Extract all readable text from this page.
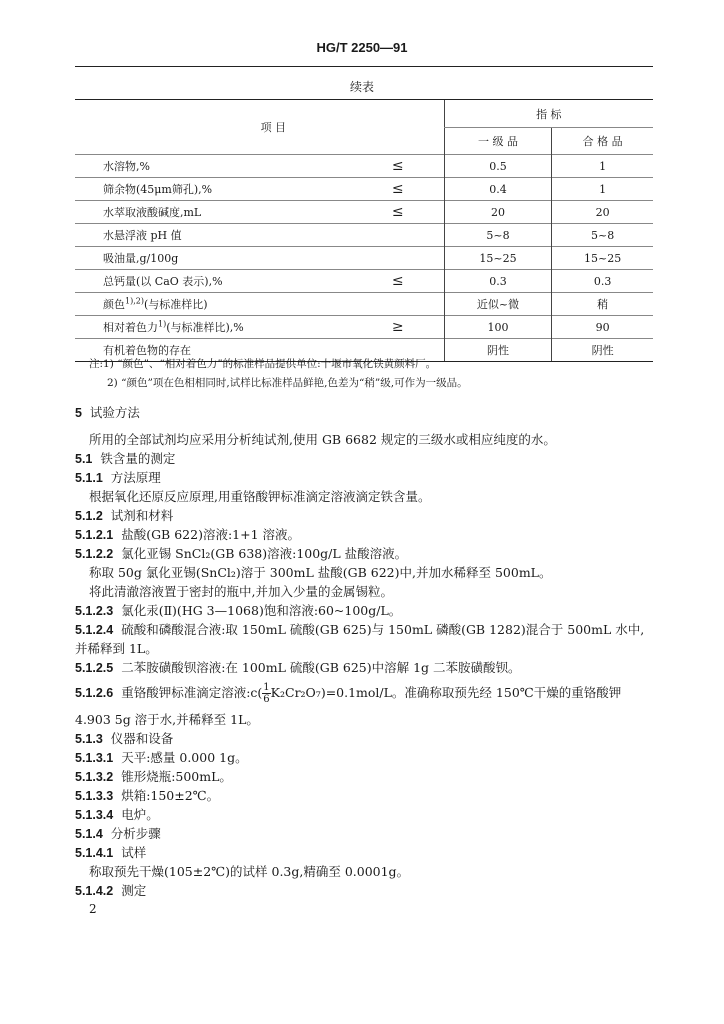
HG/T 2250—91
续表
项 目		指 标	
		一 级 品	合 格 品
水溶物,%	≤	0.5	1
筛余物(45μm筛孔),%	≤	0.4	1
水萃取液酸碱度,mL	≤	20	20
水悬浮液 pH 值		5~8	5~8
吸油量,g/100g		15~25	15~25
总钙量(以 CaO 表示),%	≤	0.3	0.3
颜色$^{1),2)}$(与标准样比)		近似~微	稍
相对着色力$^{1)}$(与标准样比),%	≥	100	90
有机着色物的存在		阴性	阴性
注:1) “颜色”、“相对着色力”的标准样品提供单位:十堰市氧化铁黄颜料厂。
2) “颜色”项在色相相同时,试样比标准样品鲜艳,色差为“稍”级,可作为一级品。
5 试验方法
所用的全部试剂均应采用分析纯试剂,使用 GB 6682 规定的三级水或相应纯度的水。
5.1 铁含量的测定
5.1.1 方法原理
根据氧化还原反应原理,用重铬酸钾标准滴定溶液滴定铁含量。
5.1.2 试剂和材料
5.1.2.1 盐酸(GB 622)溶液:1+1 溶液。
5.1.2.2 氯化亚锡 SnCl₂(GB 638)溶液:100g/L 盐酸溶液。
称取 50g 氯化亚锡(SnCl₂)溶于 300mL 盐酸(GB 622)中,并加水稀释至 500mL。
将此清澈溶液置于密封的瓶中,并加入少量的金属锡粒。
5.1.2.3 氯化汞(Ⅱ)(HG 3—1068)饱和溶液:60~100g/L。
5.1.2.4 硫酸和磷酸混合液:取 150mL 硫酸(GB 625)与 150mL 磷酸(GB 1282)混合于 500mL 水中,
并稀释到 1L。
5.1.2.5 二苯胺磺酸钡溶液:在 100mL 硫酸(GB 625)中溶解 1g 二苯胺磺酸钡。
5.1.2.6 重铬酸钾标准滴定溶液:c( $\frac{1}{6} K_2Cr_2O_7)=0.1mol/L$。准确称取预先经 150℃干燥的重铬酸钾
4.903 5g 溶于水,并稀释至 1L。
5.1.3 仪器和设备
5.1.3.1 天平:感量 0.000 1g。
5.1.3.2 锥形烧瓶:500mL。
5.1.3.3 烘箱:150±2℃。
5.1.3.4 电炉。
5.1.4 分析步骤
5.1.4.1 试样
称取预先干燥(105±2℃)的试样 0.3g,精确至 0.0001g。
5.1.4.2 测定
2
